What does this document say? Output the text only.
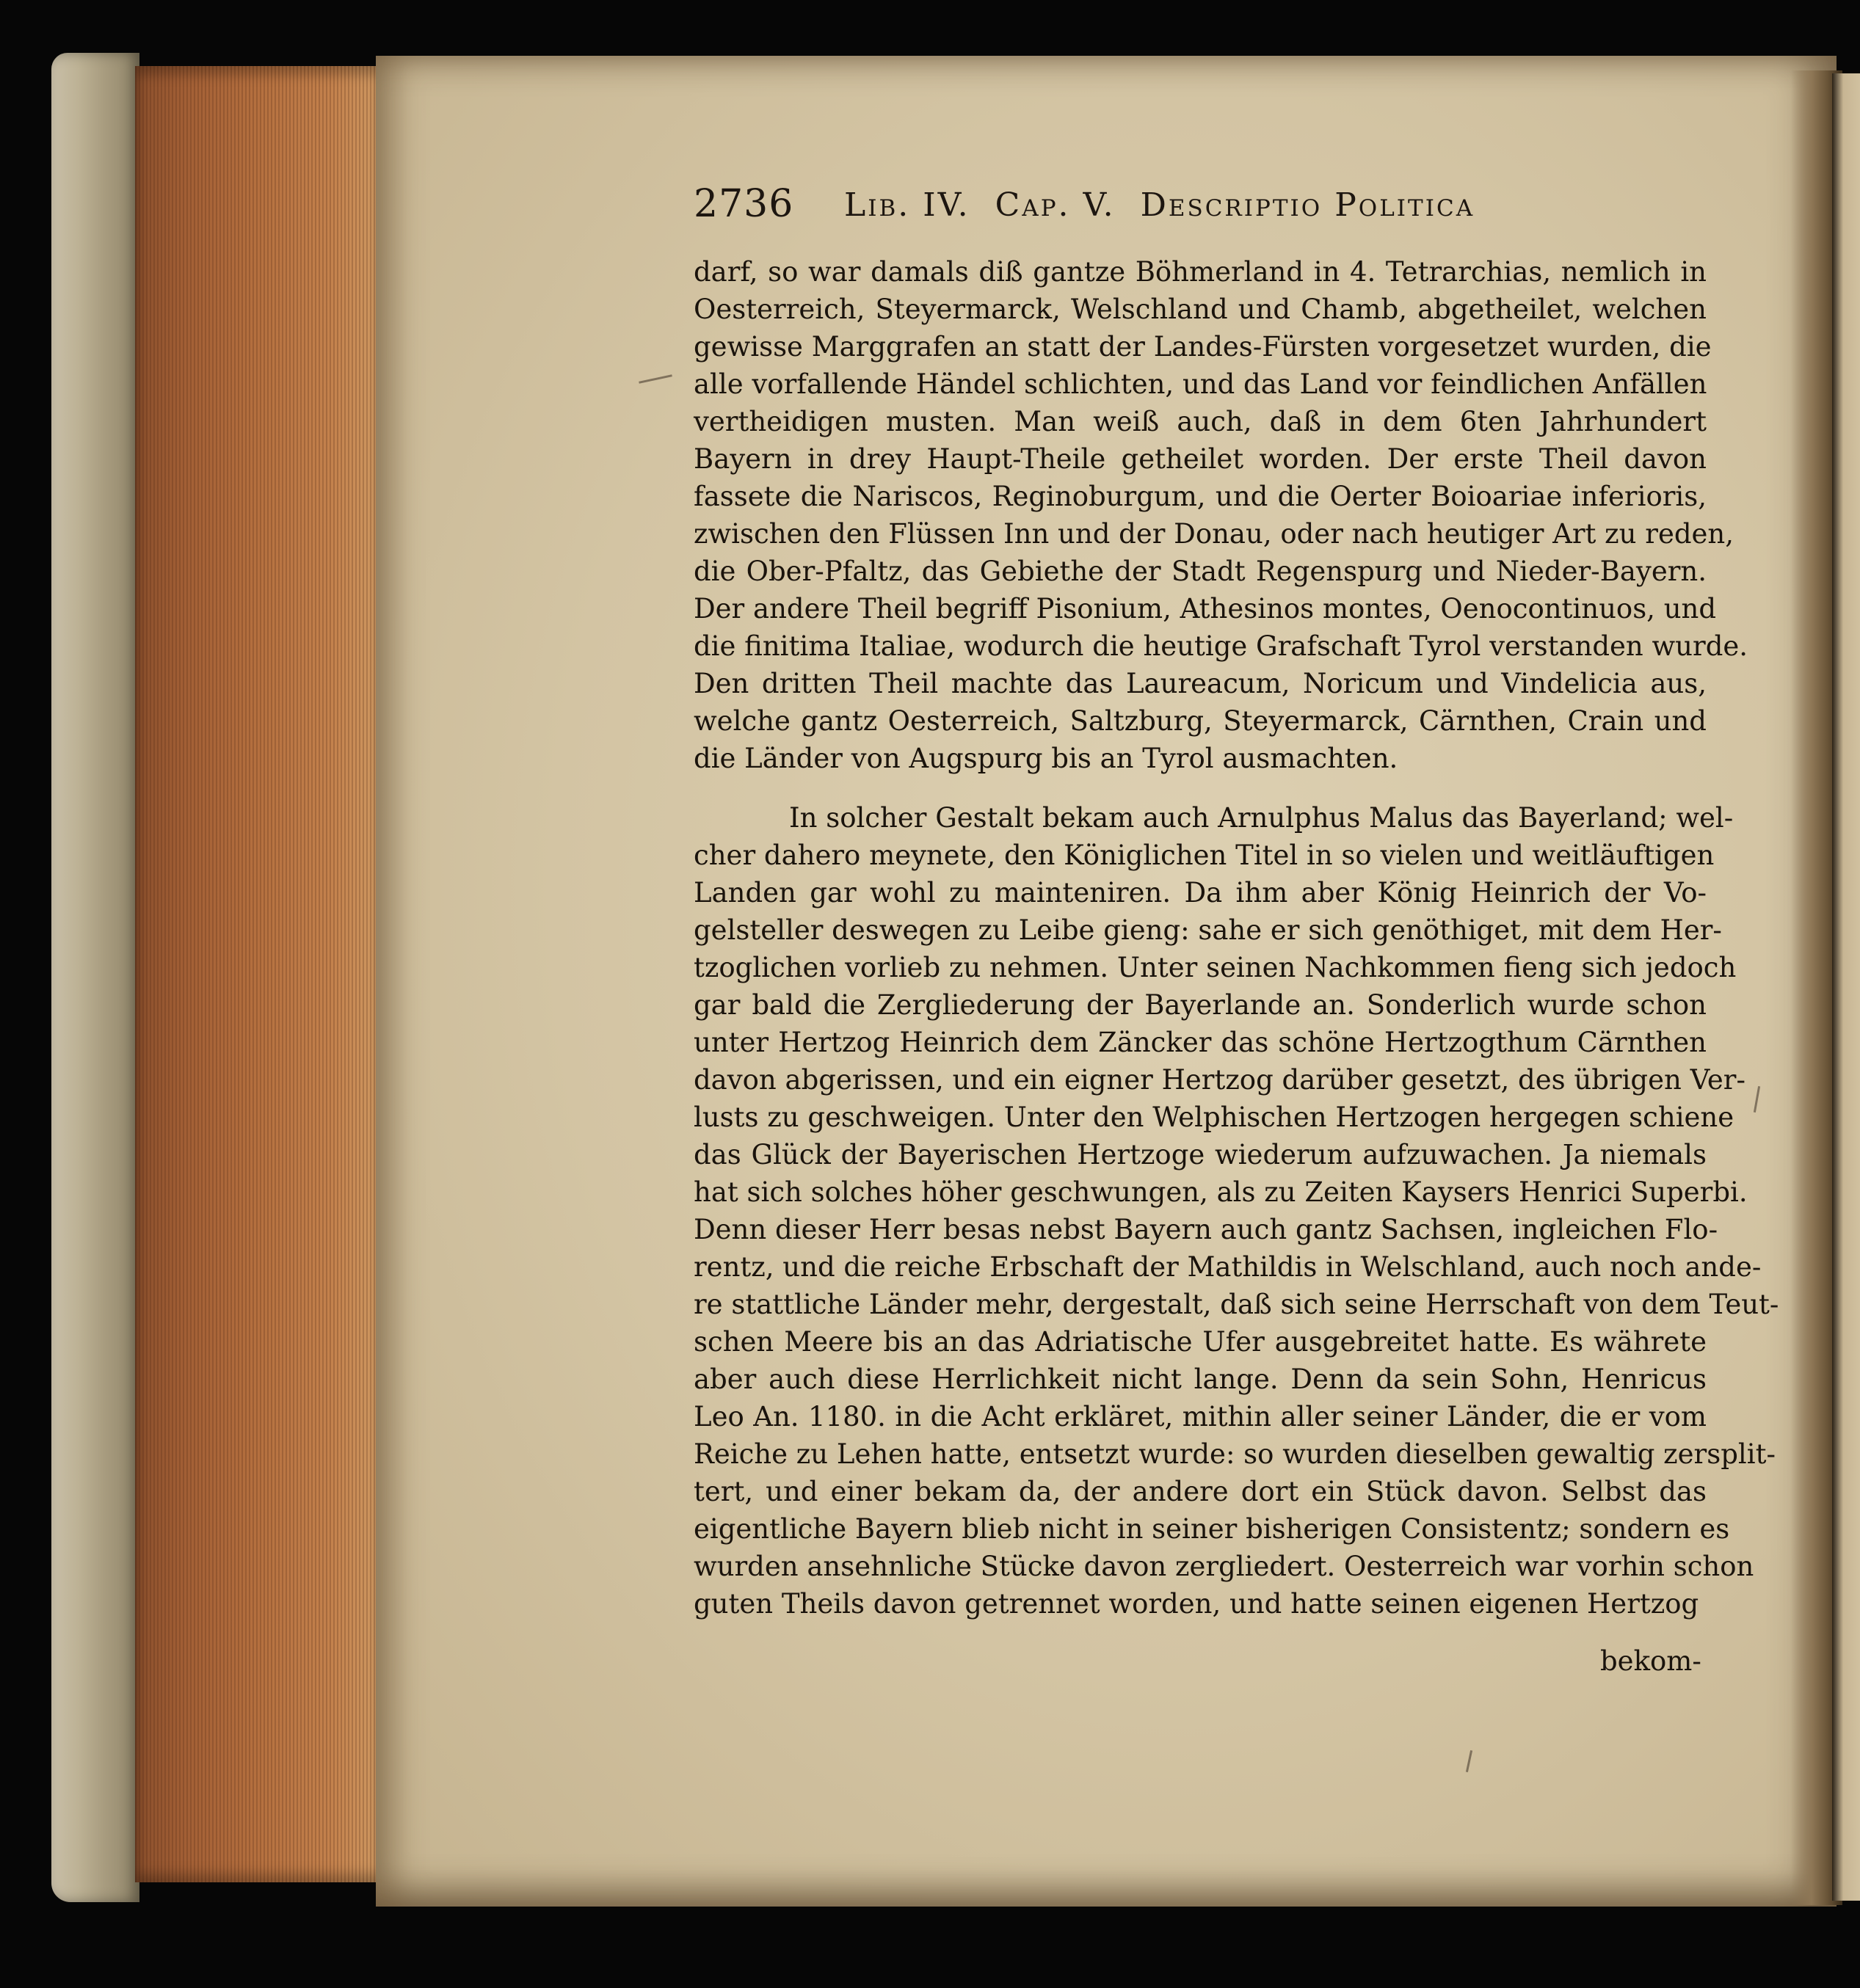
2736 Lib. IV.  Cap. V.  Descriptio Politica
darf, so war damals diß gantze Böhmerland in 4. Tetrarchias, nemlich in
Oesterreich, Steyermarck, Welschland und Chamb, abgetheilet, welchen
gewisse Marggrafen an statt der Landes-Fürsten vorgesetzet wurden, die
alle vorfallende Händel schlichten, und das Land vor feindlichen Anfällen
vertheidigen musten. Man weiß auch, daß in dem 6ten Jahrhundert
Bayern in drey Haupt-Theile getheilet worden. Der erste Theil davon
fassete die Nariscos, Reginoburgum, und die Oerter Boioariae inferioris,
zwischen den Flüssen Inn und der Donau, oder nach heutiger Art zu reden,
die Ober-Pfaltz, das Gebiethe der Stadt Regenspurg und Nieder-Bayern.
Der andere Theil begriff Pisonium, Athesinos montes, Oenocontinuos, und
die finitima Italiae, wodurch die heutige Grafschaft Tyrol verstanden wurde.
Den dritten Theil machte das Laureacum, Noricum und Vindelicia aus,
welche gantz Oesterreich, Saltzburg, Steyermarck, Cärnthen, Crain und
die Länder von Augspurg bis an Tyrol ausmachten.
In solcher Gestalt bekam auch Arnulphus Malus das Bayerland; wel-
cher dahero meynete, den Königlichen Titel in so vielen und weitläuftigen
Landen gar wohl zu mainteniren. Da ihm aber König Heinrich der Vo-
gelsteller deswegen zu Leibe gieng: sahe er sich genöthiget, mit dem Her-
tzoglichen vorlieb zu nehmen. Unter seinen Nachkommen fieng sich jedoch
gar bald die Zergliederung der Bayerlande an. Sonderlich wurde schon
unter Hertzog Heinrich dem Zäncker das schöne Hertzogthum Cärnthen
davon abgerissen, und ein eigner Hertzog darüber gesetzt, des übrigen Ver-
lusts zu geschweigen. Unter den Welphischen Hertzogen hergegen schiene
das Glück der Bayerischen Hertzoge wiederum aufzuwachen. Ja niemals
hat sich solches höher geschwungen, als zu Zeiten Kaysers Henrici Superbi.
Denn dieser Herr besas nebst Bayern auch gantz Sachsen, ingleichen Flo-
rentz, und die reiche Erbschaft der Mathildis in Welschland, auch noch ande-
re stattliche Länder mehr, dergestalt, daß sich seine Herrschaft von dem Teut-
schen Meere bis an das Adriatische Ufer ausgebreitet hatte. Es währete
aber auch diese Herrlichkeit nicht lange. Denn da sein Sohn, Henricus
Leo An. 1180. in die Acht erkläret, mithin aller seiner Länder, die er vom
Reiche zu Lehen hatte, entsetzt wurde: so wurden dieselben gewaltig zersplit-
tert, und einer bekam da, der andere dort ein Stück davon. Selbst das
eigentliche Bayern blieb nicht in seiner bisherigen Consistentz; sondern es
wurden ansehnliche Stücke davon zergliedert. Oesterreich war vorhin schon
guten Theils davon getrennet worden, und hatte seinen eigenen Hertzog
bekom-
